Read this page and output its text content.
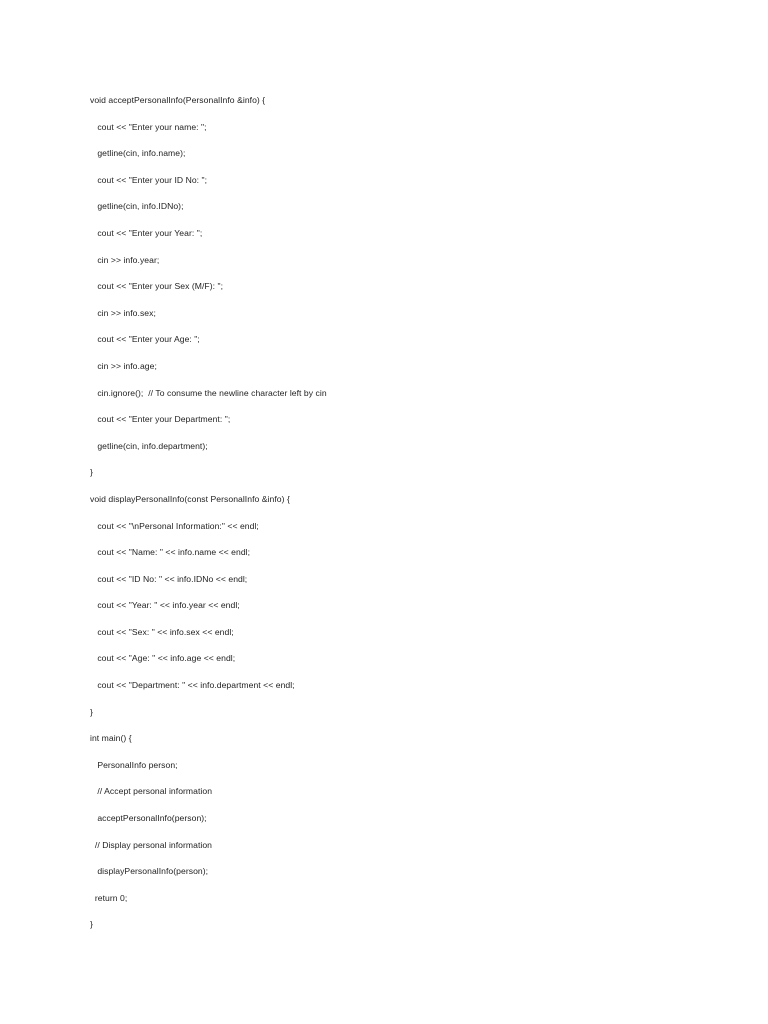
void acceptPersonalInfo(PersonalInfo &info) {
cout << "Enter your name: ";
getline(cin, info.name);
cout << "Enter your ID No: ";
getline(cin, info.IDNo);
cout << "Enter your Year: ";
cin >> info.year;
cout << "Enter your Sex (M/F): ";
cin >> info.sex;
cout << "Enter your Age: ";
cin >> info.age;
cin.ignore();  // To consume the newline character left by cin
cout << "Enter your Department: ";
getline(cin, info.department);
}
void displayPersonalInfo(const PersonalInfo &info) {
cout << "\nPersonal Information:" << endl;
cout << "Name: " << info.name << endl;
cout << "ID No: " << info.IDNo << endl;
cout << "Year: " << info.year << endl;
cout << "Sex: " << info.sex << endl;
cout << "Age: " << info.age << endl;
cout << "Department: " << info.department << endl;
}
int main() {
PersonalInfo person;
// Accept personal information
acceptPersonalInfo(person);
// Display personal information
displayPersonalInfo(person);
return 0;
}
